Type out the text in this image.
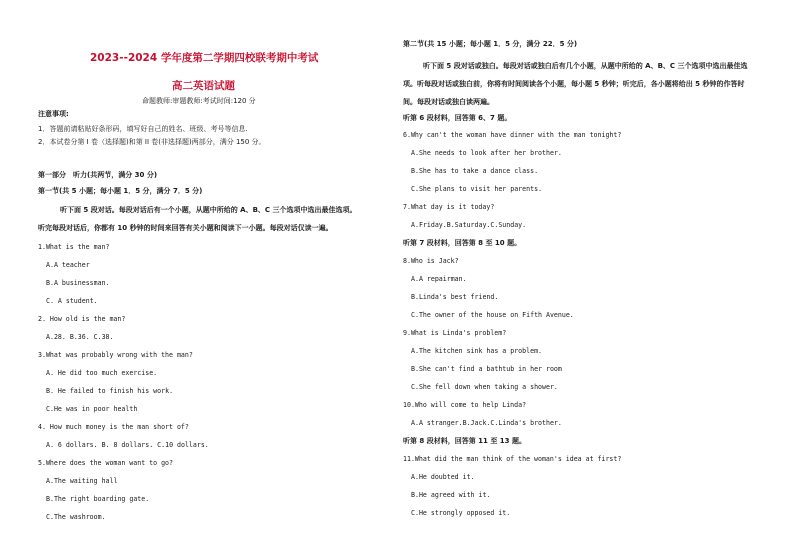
2023--2024 学年度第二学期四校联考期中考试
高二英语试题
命题教师:审题教师:考试时间:120 分
注意事项:
1．答题前请粘贴好条形码，填写好自己的姓名、班级、考号等信息.
2．本试卷分第 I 卷（选择题)和第 II 卷(非选择题)两部分，满分 150 分。
第一部分　听力(共两节，满分 30 分)
第一节(共 5 小题；每小题 1．5 分，满分 7．5 分)
听下面 5 段对话。每段对话后有一个小题，从题中所给的 A、B、C 三个选项中选出最佳选项。
听完每段对话后，你都有 10 秒钟的时间来回答有关小题和阅读下一小题。每段对话仅读一遍。
1.What is the man?
A.A teacher
B.A businessman.
C. A student.
2. How old is the man?
A.28. B.36. C.38.
3.What was probably wrong with the man?
A. He did too much exercise.
B. He failed to finish his work.
C.He was in poor health
4. How much money is the man short of?
A. 6 dollars. B. 8 dollars. C.10 dollars.
5.Where does the woman want to go?
A.The waiting hall
B.The right boarding gate.
C.The washroom.
第二节(共 15 小题；每小题 1．5 分，满分 22．5 分)
听下面 5 段对话或独白。每段对话或独白后有几个小题，从题中所给的 A、B、C 三个选项中选出最佳选项。听每段对话或独白前，你将有时间阅读各个小题，每小题 5 秒钟；听完后，各小题将给出 5 秒钟的作答时间。每段对话或独白读两遍。
听第 6 段材料，回答第 6、7 题。
6.Why can't the woman have dinner with the man tonight?
A.She needs to look after her brother.
B.She has to take a dance class.
C.She plans to visit her parents.
7.What day is it today?
A.Friday.B.Saturday.C.Sunday.
听第 7 段材料，回答第 8 至 10 题。
8.Who is Jack?
A.A repairman.
B.Linda's best friend.
C.The owner of the house on Fifth Avenue.
9.What is Linda's problem?
A.The kitchen sink has a problem.
B.She can't find a bathtub in her room
C.She fell down when taking a shower.
10.Who will come to help Linda?
A.A stranger.B.Jack.C.Linda's brother.
听第 8 段材料，回答第 11 至 13 题。
11.What did the man think of the woman's idea at first?
A.He doubted it.
B.He agreed with it.
C.He strongly opposed it.
